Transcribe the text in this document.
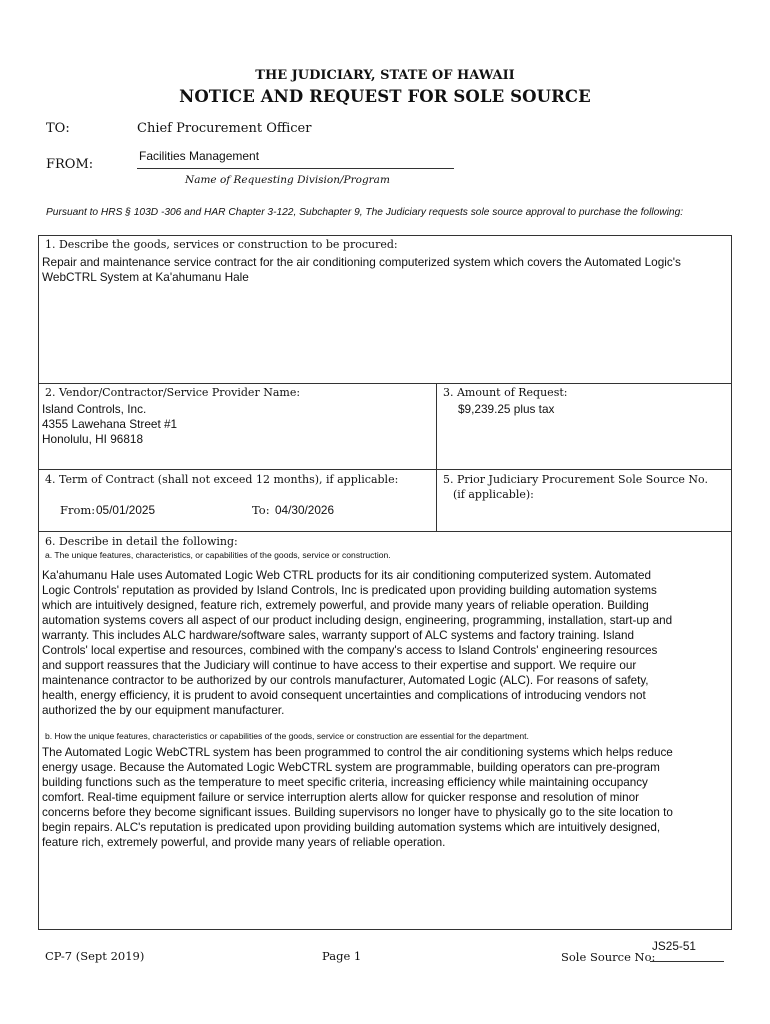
THE JUDICIARY, STATE OF HAWAII
NOTICE AND REQUEST FOR SOLE SOURCE
TO:	Chief Procurement Officer
FROM:
Facilities Management
Name of Requesting Division/Program
Pursuant to HRS § 103D -306 and HAR Chapter 3-122, Subchapter 9, The Judiciary requests sole source approval to purchase the following:
1. Describe the goods, services or construction to be procured:
Repair and maintenance service contract for the air conditioning computerized system which covers the Automated Logic's WebCTRL System at Ka'ahumanu Hale
2. Vendor/Contractor/Service Provider Name:
Island Controls, Inc.
4355 Lawehana Street #1
Honolulu, HI 96818
3. Amount of Request:
$9,239.25 plus tax
4. Term of Contract (shall not exceed 12 months), if applicable:
From: 05/01/2025	To: 04/30/2026
5. Prior Judiciary Procurement Sole Source No.
(if applicable):
6. Describe in detail the following:
a. The unique features, characteristics, or capabilities of the goods, service or construction.
Ka'ahumanu Hale uses Automated Logic Web CTRL products for its air conditioning computerized system. Automated
Logic Controls' reputation as provided by Island Controls, Inc is predicated upon providing building automation systems
which are intuitively designed, feature rich, extremely powerful, and provide many years of reliable operation. Building
automation systems covers all aspect of our product including design, engineering, programming, installation, start-up and
warranty. This includes ALC hardware/software sales, warranty support of ALC systems and factory training. Island
Controls' local expertise and resources, combined with the company's access to Island Controls' engineering resources
and support reassures that the Judiciary will continue to have access to their expertise and support. We require our
maintenance contractor to be authorized by our controls manufacturer, Automated Logic (ALC). For reasons of safety,
health, energy efficiency, it is prudent to avoid consequent uncertainties and complications of introducing vendors not
authorized the by our equipment manufacturer.
b. How the unique features, characteristics or capabilities of the goods, service or construction are essential for the department.
The Automated Logic WebCTRL system has been programmed to control the air conditioning systems which helps reduce
energy usage. Because the Automated Logic WebCTRL system are programmable, building operators can pre-program
building functions such as the temperature to meet specific criteria, increasing efficiency while maintaining occupancy
comfort. Real-time equipment failure or service interruption alerts allow for quicker response and resolution of minor
concerns before they become significant issues. Building supervisors no longer have to physically go to the site location to
begin repairs. ALC's reputation is predicated upon providing building automation systems which are intuitively designed,
feature rich, extremely powerful, and provide many years of reliable operation.
CP-7 (Sept 2019)	Page 1	Sole Source No:
JS25-51
